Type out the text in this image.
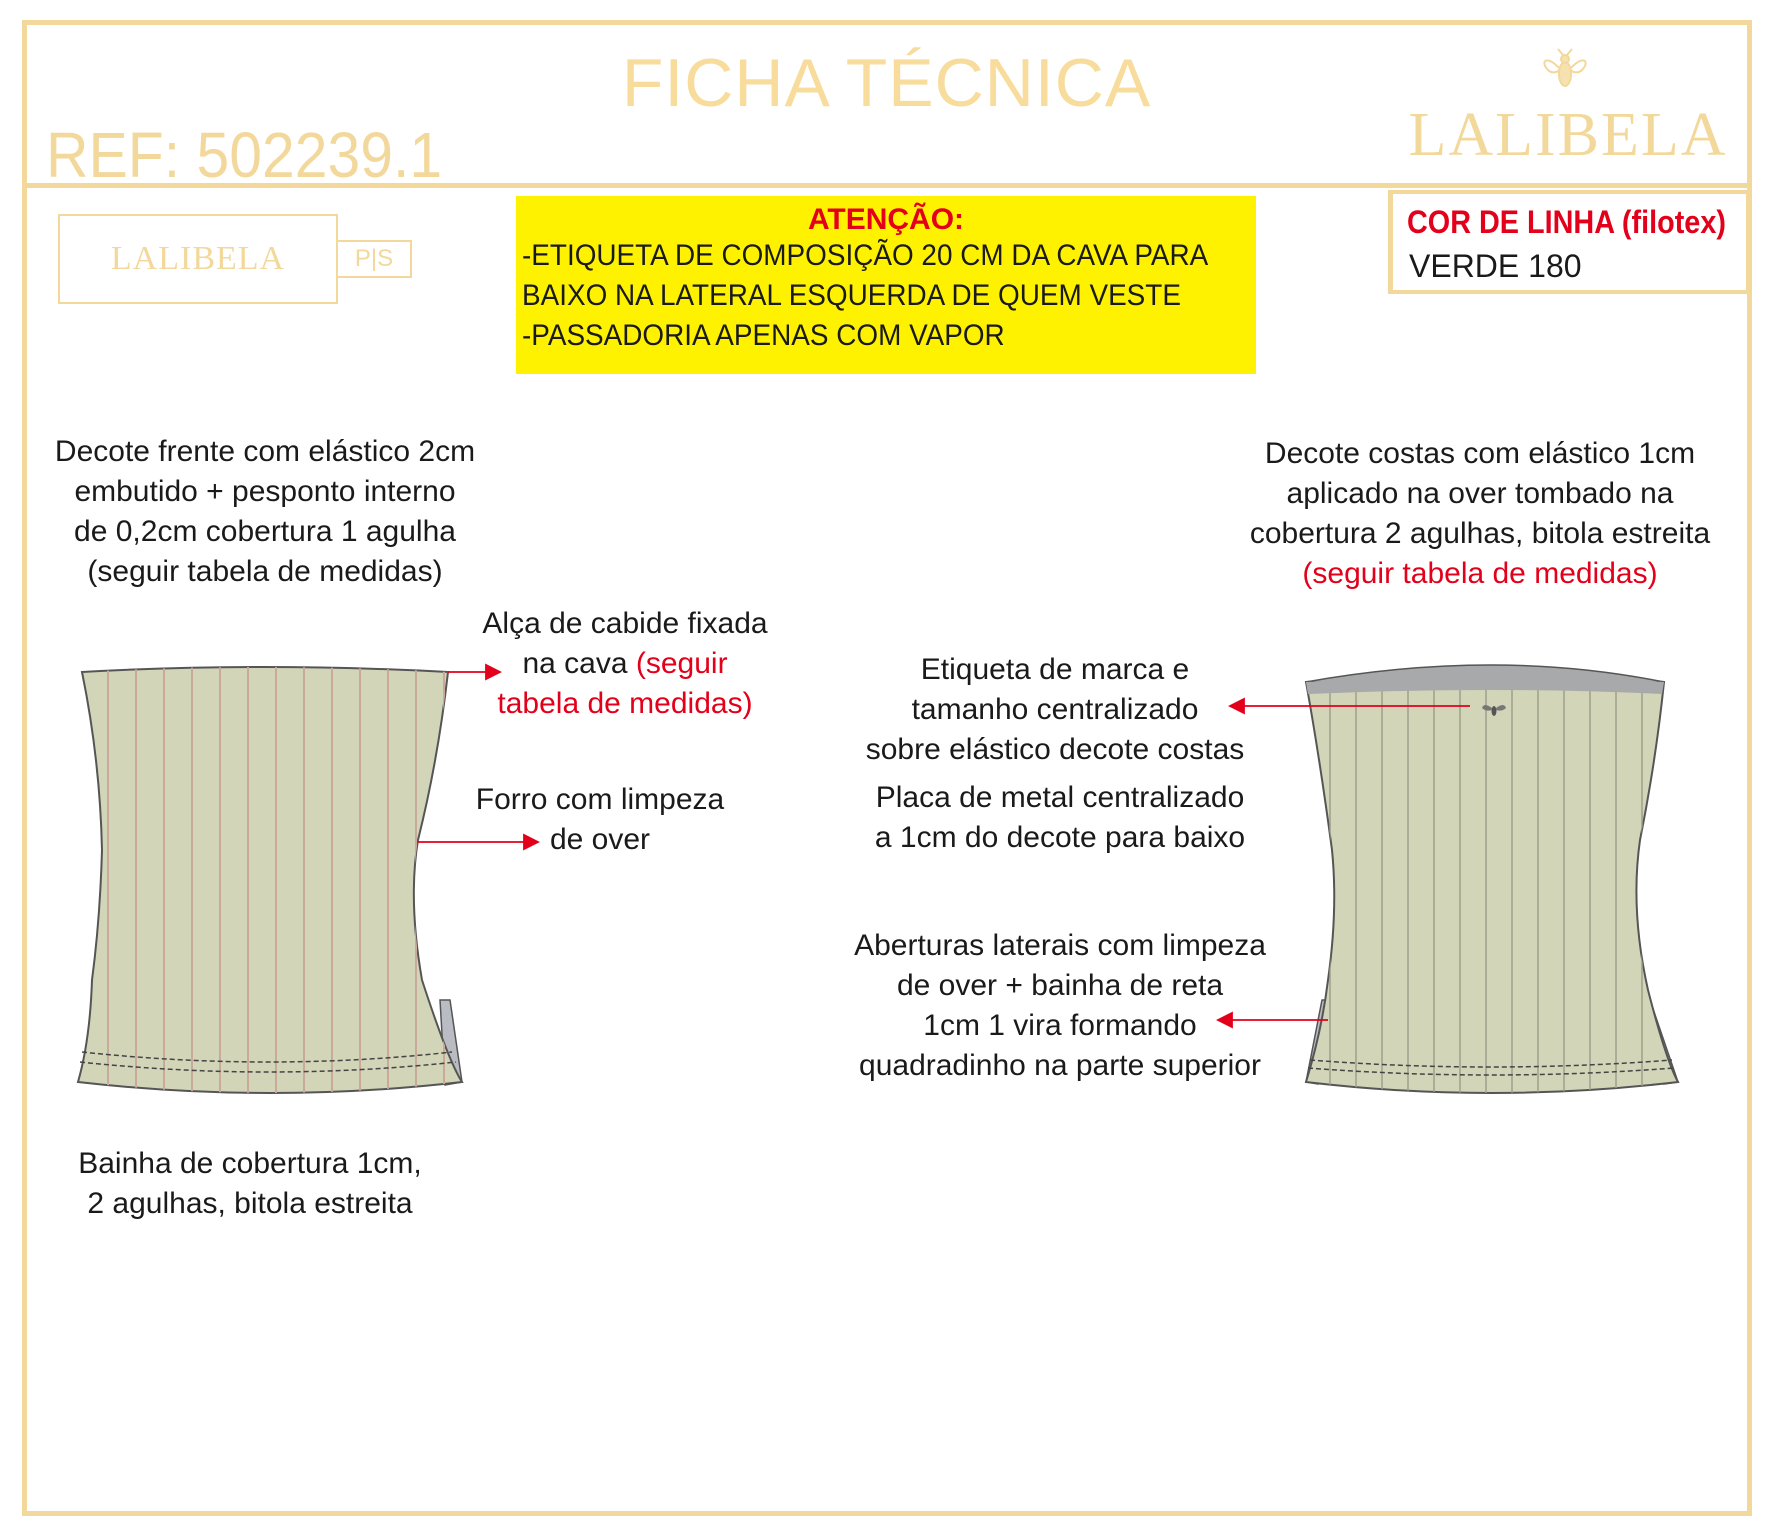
FICHA TÉCNICA
REF: 502239.1	LALIBELA
LALIBELA	P|S
ATENÇÃO:
-ETIQUETA DE COMPOSIÇÃO 20 CM DA CAVA PARA
BAIXO NA LATERAL ESQUERDA DE QUEM VESTE
-PASSADORIA APENAS COM VAPOR
COR DE LINHA (filotex)
VERDE 180
Decote frente com elástico 2cm
embutido + pesponto interno
de 0,2cm cobertura 1 agulha
(seguir tabela de medidas)
Alça de cabide fixada
na cava (seguir
tabela de medidas)
Forro com limpeza
de over
Bainha de cobertura 1cm,
2 agulhas, bitola estreita
Decote costas com elástico 1cm
aplicado na over tombado na
cobertura 2 agulhas, bitola estreita
(seguir tabela de medidas)
Etiqueta de marca e
tamanho centralizado
sobre elástico decote costas
Placa de metal centralizado
a 1cm do decote para baixo
Aberturas laterais com limpeza
de over + bainha de reta
1cm 1 vira formando
quadradinho na parte superior
